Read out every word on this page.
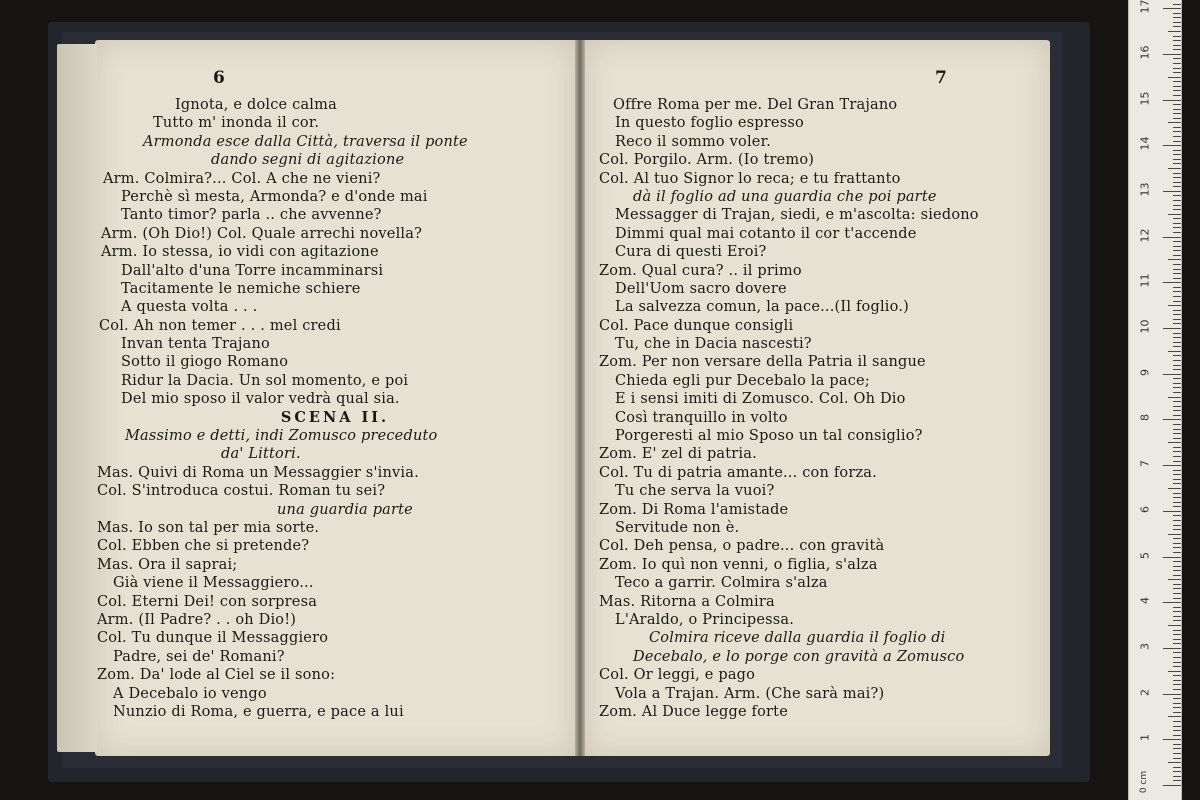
6
Ignota, e dolce calma
Tutto m' inonda il cor.
Armonda esce dalla Città, traversa il ponte
dando segni di agitazione
Arm. Colmira?... Col. A che ne vieni?
Perchè sì mesta, Armonda? e d'onde mai
Tanto timor? parla .. che avvenne?
Arm. (Oh Dio!) Col. Quale arrechi novella?
Arm. Io stessa, io vidi con agitazione
Dall'alto d'una Torre incamminarsi
Tacitamente le nemiche schiere
A questa volta . . .
Col. Ah non temer . . . mel credi
Invan tenta Trajano
Sotto il giogo Romano
Ridur la Dacia. Un sol momento, e poi
Del mio sposo il valor vedrà qual sia.
SCENA II.
Massimo e detti, indi Zomusco preceduto
da' Littori.
Mas. Quivi di Roma un Messaggier s'invia.
Col. S'introduca costui. Roman tu sei?
una guardia parte
Mas. Io son tal per mia sorte.
Col. Ebben che si pretende?
Mas. Ora il saprai;
Già viene il Messaggiero...
Col. Eterni Dei! con sorpresa
Arm. (Il Padre? . . oh Dio!)
Col. Tu dunque il Messaggiero
Padre, sei de' Romani?
Zom. Da' lode al Ciel se il sono:
A Decebalo io vengo
Nunzio di Roma, e guerra, e pace a lui
7
Offre Roma per me. Del Gran Trajano
In questo foglio espresso
Reco il sommo voler.
Col. Porgilo. Arm. (Io tremo)
Col. Al tuo Signor lo reca; e tu frattanto
dà il foglio ad una guardia che poi parte
Messagger di Trajan, siedi, e m'ascolta: siedono
Dimmi qual mai cotanto il cor t'accende
Cura di questi Eroi?
Zom. Qual cura? .. il primo
Dell'Uom sacro dovere
La salvezza comun, la pace...(Il foglio.)
Col. Pace dunque consigli
Tu, che in Dacia nascesti?
Zom. Per non versare della Patria il sangue
Chieda egli pur Decebalo la pace;
E i sensi imiti di Zomusco. Col. Oh Dio
Così tranquillo in volto
Porgeresti al mio Sposo un tal consiglio?
Zom. E' zel di patria.
Col. Tu di patria amante... con forza.
Tu che serva la vuoi?
Zom. Di Roma l'amistade
Servitude non è.
Col. Deh pensa, o padre... con gravità
Zom. Io quì non venni, o figlia, s'alza
Teco a garrir. Colmira s'alza
Mas. Ritorna a Colmira
L'Araldo, o Principessa.
Colmira riceve dalla guardia il foglio di
Decebalo, e lo porge con gravità a Zomusco
Col. Or leggi, e pago
Vola a Trajan. Arm. (Che sarà mai?)
Zom. Al Duce legge forte
0 cm
1
2
3
4
5
6
7
8
9
10
11
12
13
14
15
16
17
